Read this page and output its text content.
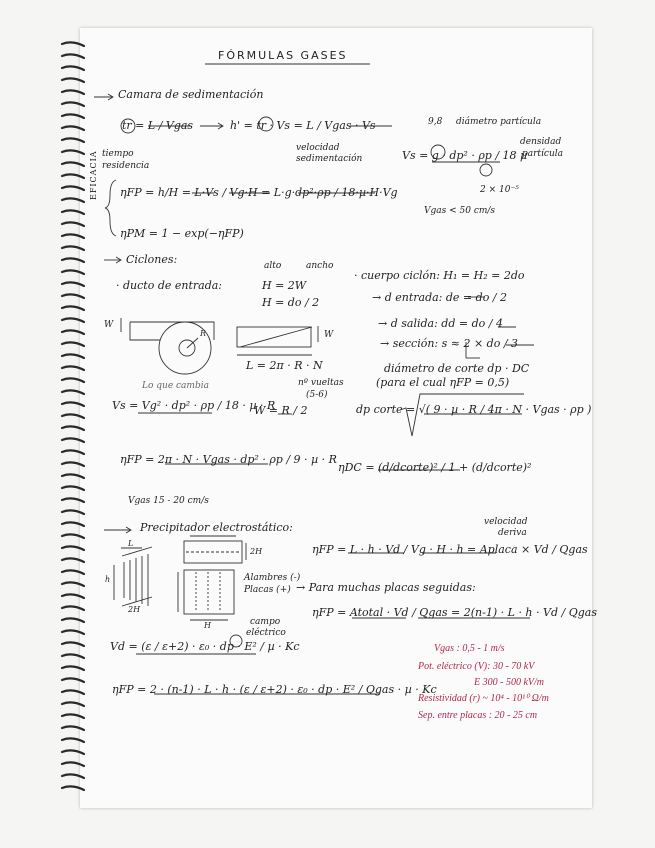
FÓRMULAS GASES
Camara de sedimentación
tr = L / Vgas
tiempo
residencia
h' = tr · Vs = L / Vgas · Vs
velocidad
sedimentación
9,8 diámetro partícula
densidad
partícula
Vs = g · dp² · ρp / 18 µ
2 × 10⁻⁵
Vgas < 50 cm/s
EFICACIA ηFP = h/H = L·Vs / Vg·H = L·g·dp²·ρp / 18·µ·H·Vg
ηPM = 1 − exp(−ηFP)
Ciclones:	alto	ancho
· ducto de entrada:	H = 2W
H = do / 2
· cuerpo ciclón: H₁ = H₂ = 2do
→ d entrada: de = do / 2
→ d salida: dd = do / 4
→ sección: s ≈ 2 × do / 3
W
R	W
L = 2π · R · N
nº vueltas
(5-6)
diámetro de corte dp · DC
(para el cual ηFP = 0,5)
Lo que cambia
Vs = Vg² · dp² · ρp / 18 · µ · R
W = R / 2	dp corte = √( 9 · µ · R / 4π · N · Vgas · ρp )
ηFP = 2π · N · Vgas · dp² · ρp / 9 · µ · R
ηDC = (d/dcorte)² / 1 + (d/dcorte)²
Vgas 15 - 20 cm/s
Precipitador electrostático:	velocidad
deriva
ηFP = L · h · Vd / Vg · H · h = Aplaca × Vd / Qgas
L
2H
h
2H
H
Alambres (-)
Placas (+) → Para muchas placas seguidas:
ηFP = Atotal · Vd / Qgas = 2(n-1) · L · h · Vd / Qgas
campo
eléctrico
Vd = (ε / ε+2) · ε₀ · dp · E² / µ · Kc
ηFP = 2 · (n-1) · L · h · (ε / ε+2) · ε₀ · dp · E² / Qgas · µ · Kc
Vgas : 0,5 - 1 m/s
Pot. eléctrico (V): 30 - 70 kV
E 300 - 500 kV/m
Resistividad (r) ~ 10⁴ - 10¹⁰ Ω/m
Sep. entre placas : 20 - 25 cm
